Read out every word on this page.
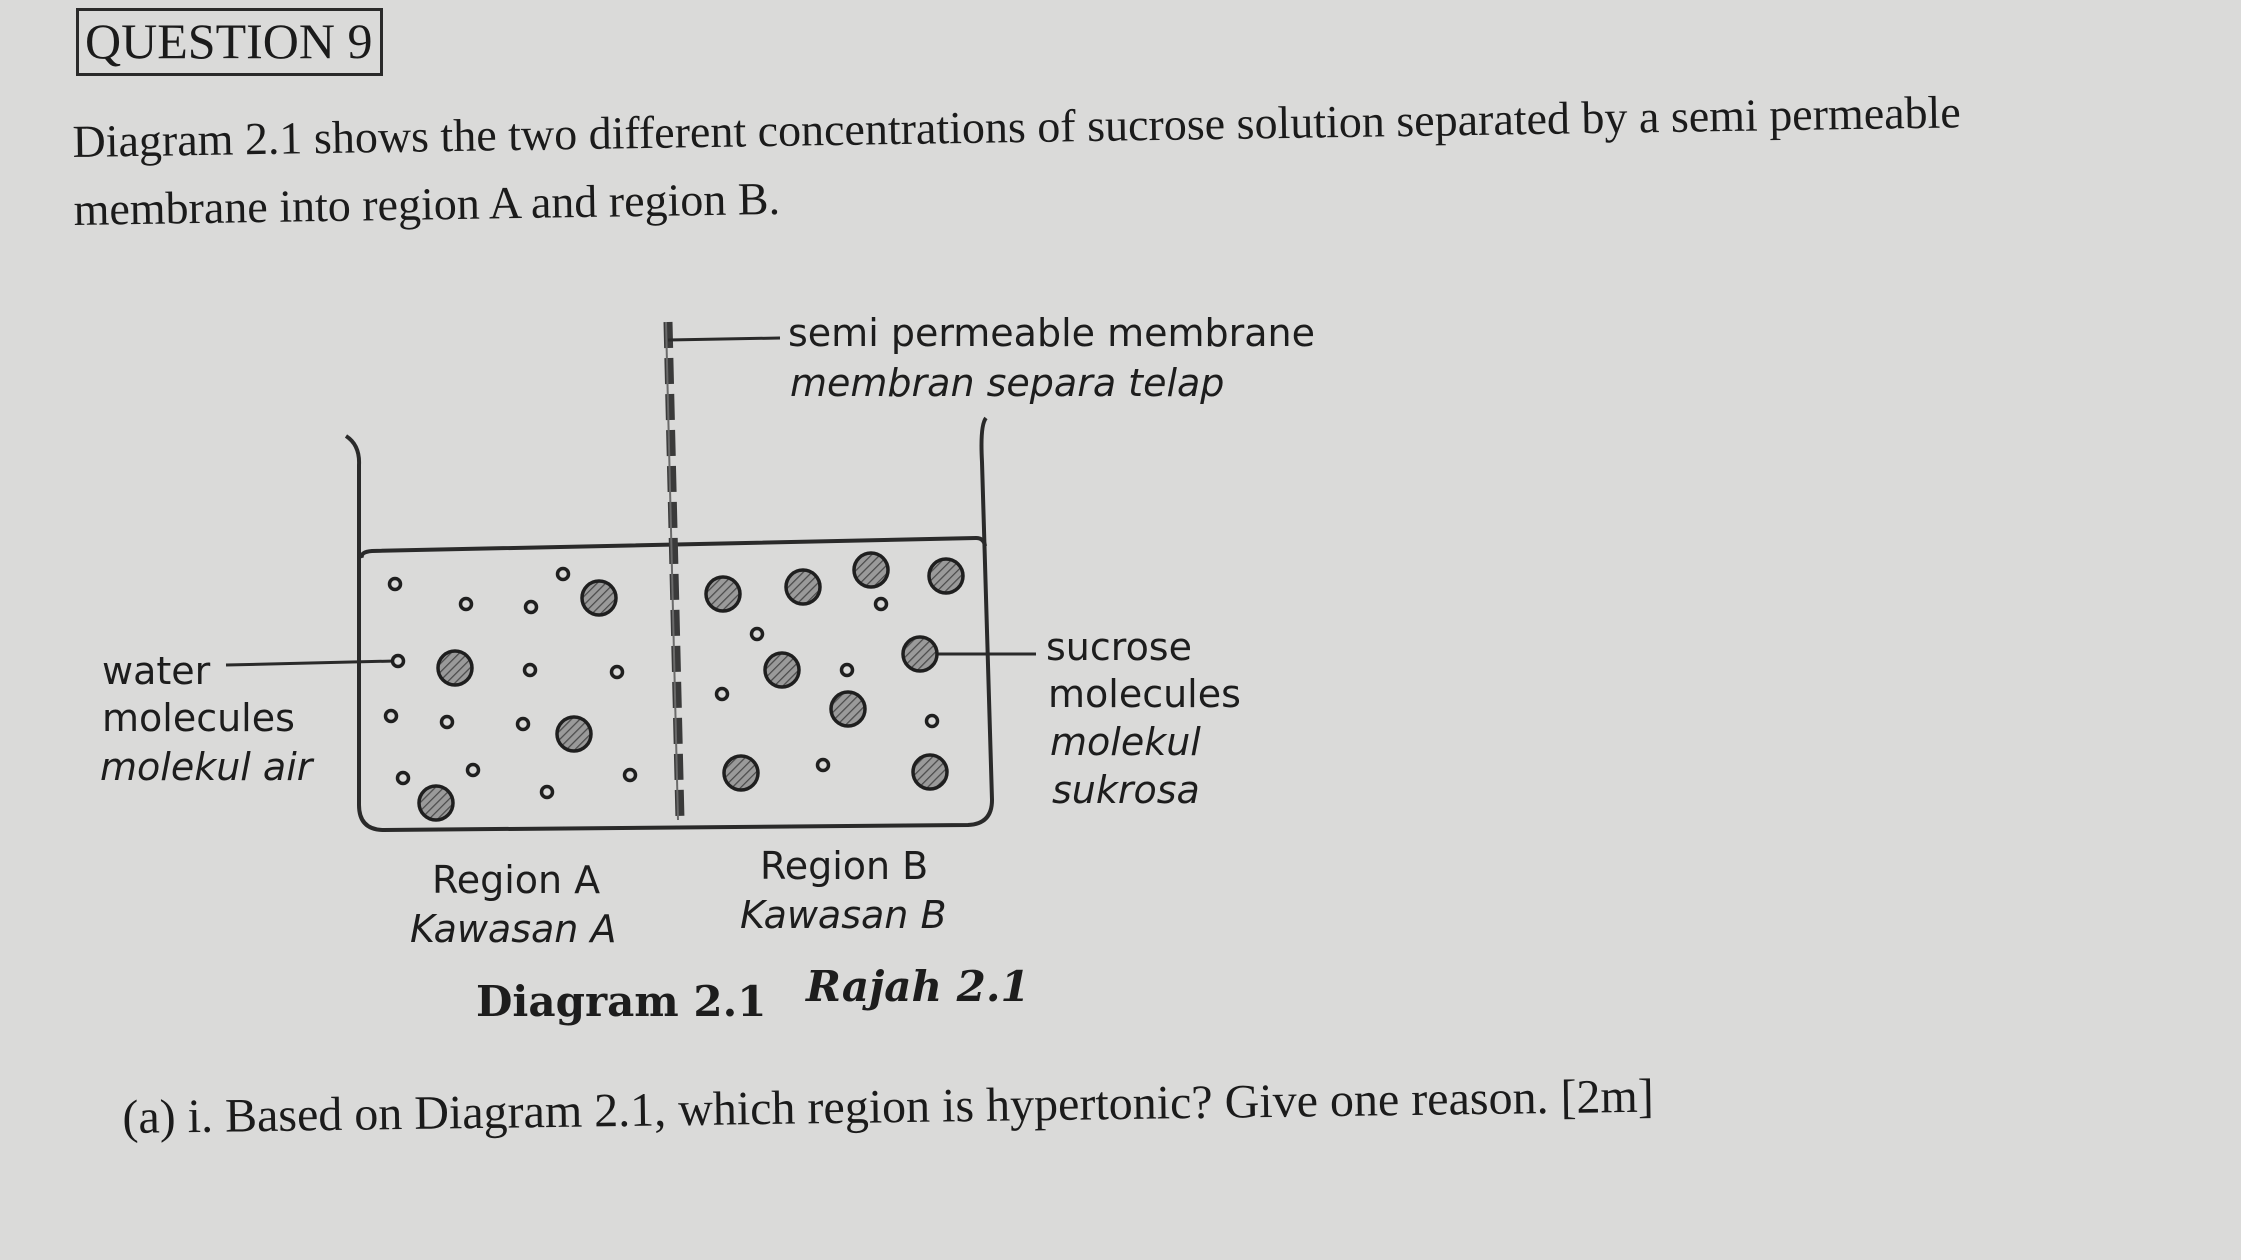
QUESTION 9
Diagram 2.1 shows the two different concentrations of sucrose solution separated by a semi permeable
membrane into region A and region B.
semi permeable membrane
membran separa telap
water
molecules
molekul air
sucrose
molecules
molekul
sukrosa
Region A
Kawasan A
Region B
Kawasan B
Diagram 2.1 Rajah 2.1
(a) i. Based on Diagram 2.1, which region is hypertonic? Give one reason. [2m]
